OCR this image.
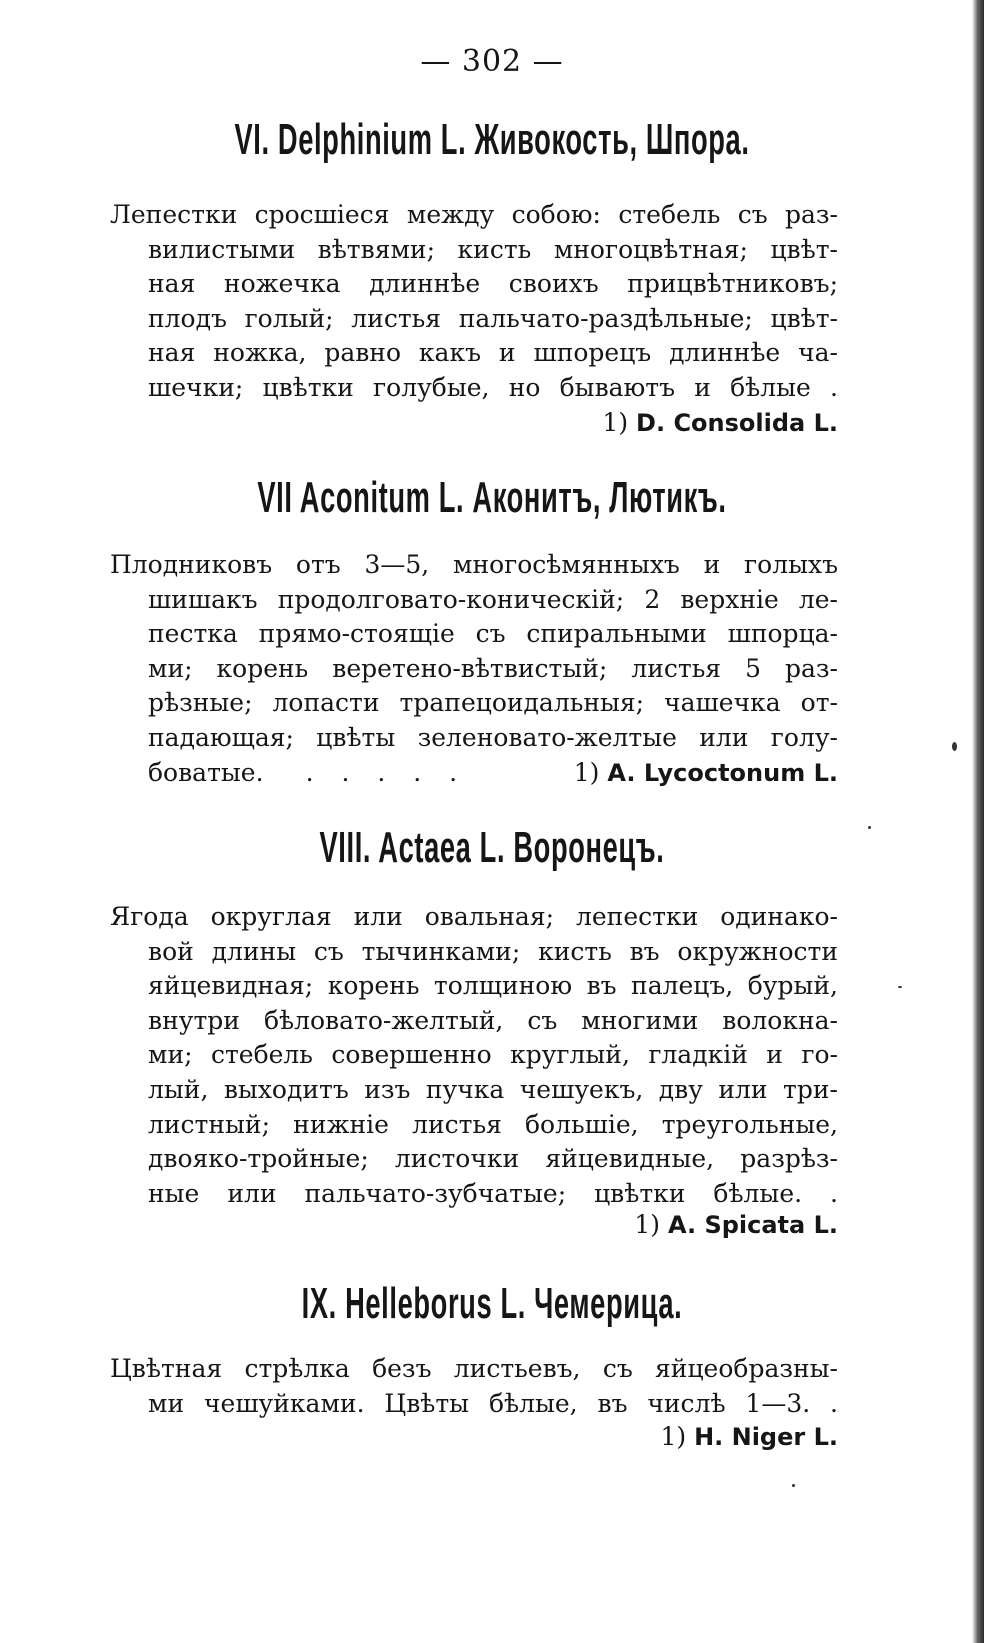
— 302 —
VI. Delphinium L. Живокость, Шпора.
Лепестки сросшіеся между собою: стебель съ раз-
вилистыми вѣтвями; кисть многоцвѣтная; цвѣт-
ная ножечка длиннѣе своихъ прицвѣтниковъ;
плодъ голый; листья пальчато-раздѣльные; цвѣт-
ная ножка, равно какъ и шпорецъ длиннѣе ча-
шечки; цвѣтки голубые, но бываютъ и бѣлые .
1) D. Consolida L.
VII Aconitum L. Аконитъ, Лютикъ.
Плодниковъ отъ 3—5, многосѣмянныхъ и голыхъ
шишакъ продолговато-коническій; 2 верхніе ле-
пестка прямо-стоящіе съ спиральными шпорца-
ми; корень веретено-вѣтвистый; листья 5 раз-
рѣзные; лопасти трапецоидальныя; чашечка от-
падающая; цвѣты зеленовато-желтые или голу-
боватые. . . . . .	1) A. Lycoctonum L.
VIII. Actaea L. Воронецъ.
Ягода округлая или овальная; лепестки одинако-
вой длины съ тычинками; кисть въ окружности
яйцевидная; корень толщиною въ палецъ, бурый,
внутри бѣловато-желтый, съ многими волокна-
ми; стебель совершенно круглый, гладкій и го-
лый, выходитъ изъ пучка чешуекъ, дву или три-
листный; нижніе листья большіе, треугольные,
двояко-тройные; листочки яйцевидные, разрѣз-
ные или пальчато-зубчатые; цвѣтки бѣлые. .
1) A. Spicata L.
IX. Helleborus L. Чемерица.
Цвѣтная стрѣлка безъ листьевъ, съ яйцеобразны-
ми чешуйками. Цвѣты бѣлые, въ числѣ 1—3. .
1) H. Niger L.
